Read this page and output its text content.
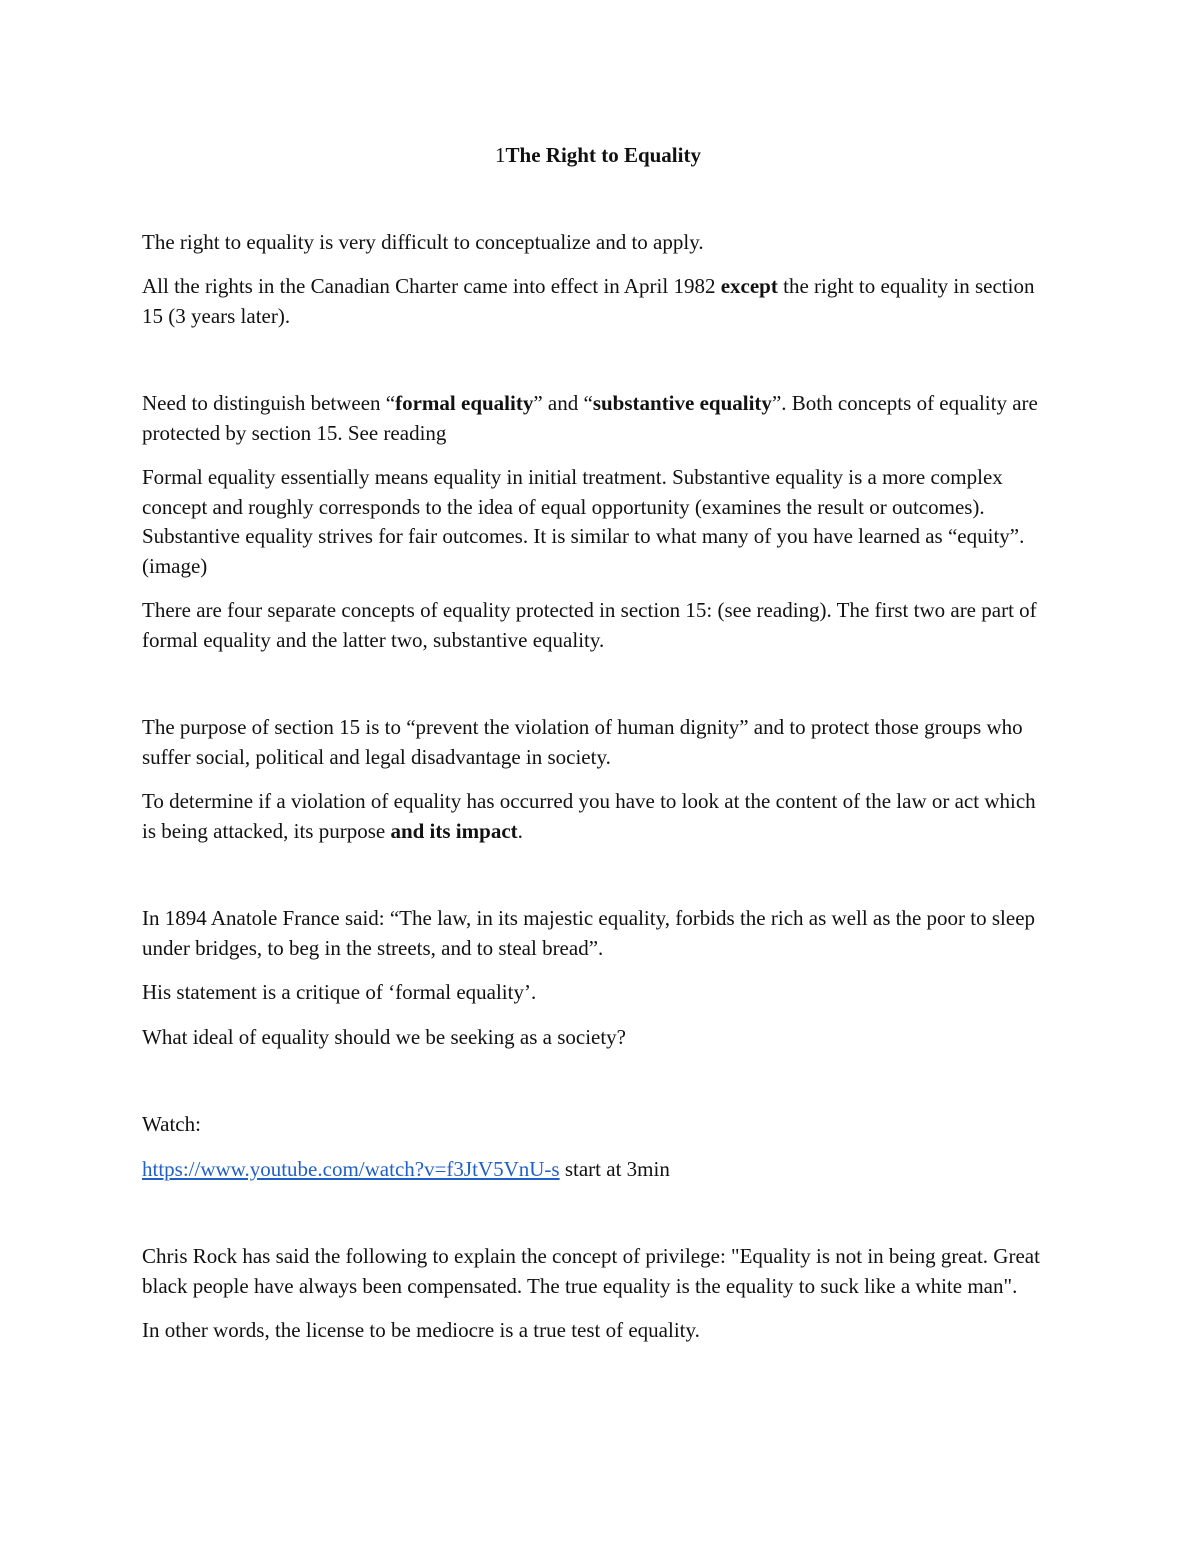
1The Right to Equality

The right to equality is very difficult to conceptualize and to apply.

All the rights in the Canadian Charter came into effect in April 1982 except the right to equality in section 15 (3 years later).

Need to distinguish between “formal equality” and “substantive equality”. Both concepts of equality are protected by section 15. See reading

Formal equality essentially means equality in initial treatment. Substantive equality is a more complex concept and roughly corresponds to the idea of equal opportunity (examines the result or outcomes). Substantive equality strives for fair outcomes. It is similar to what many of you have learned as “equity”. (image)

There are four separate concepts of equality protected in section 15: (see reading). The first two are part of formal equality and the latter two, substantive equality.

The purpose of section 15 is to “prevent the violation of human dignity” and to protect those groups who suffer social, political and legal disadvantage in society.

To determine if a violation of equality has occurred you have to look at the content of the law or act which is being attacked, its purpose and its impact.

In 1894 Anatole France said: “The law, in its majestic equality, forbids the rich as well as the poor to sleep under bridges, to beg in the streets, and to steal bread”.

His statement is a critique of ‘formal equality’.

What ideal of equality should we be seeking as a society?

Watch:

https://www.youtube.com/watch?v=f3JtV5VnU-s start at 3min

Chris Rock has said the following to explain the concept of privilege: "Equality is not in being great. Great black people have always been compensated. The true equality is the equality to suck like a white man".

In other words, the license to be mediocre is a true test of equality.
